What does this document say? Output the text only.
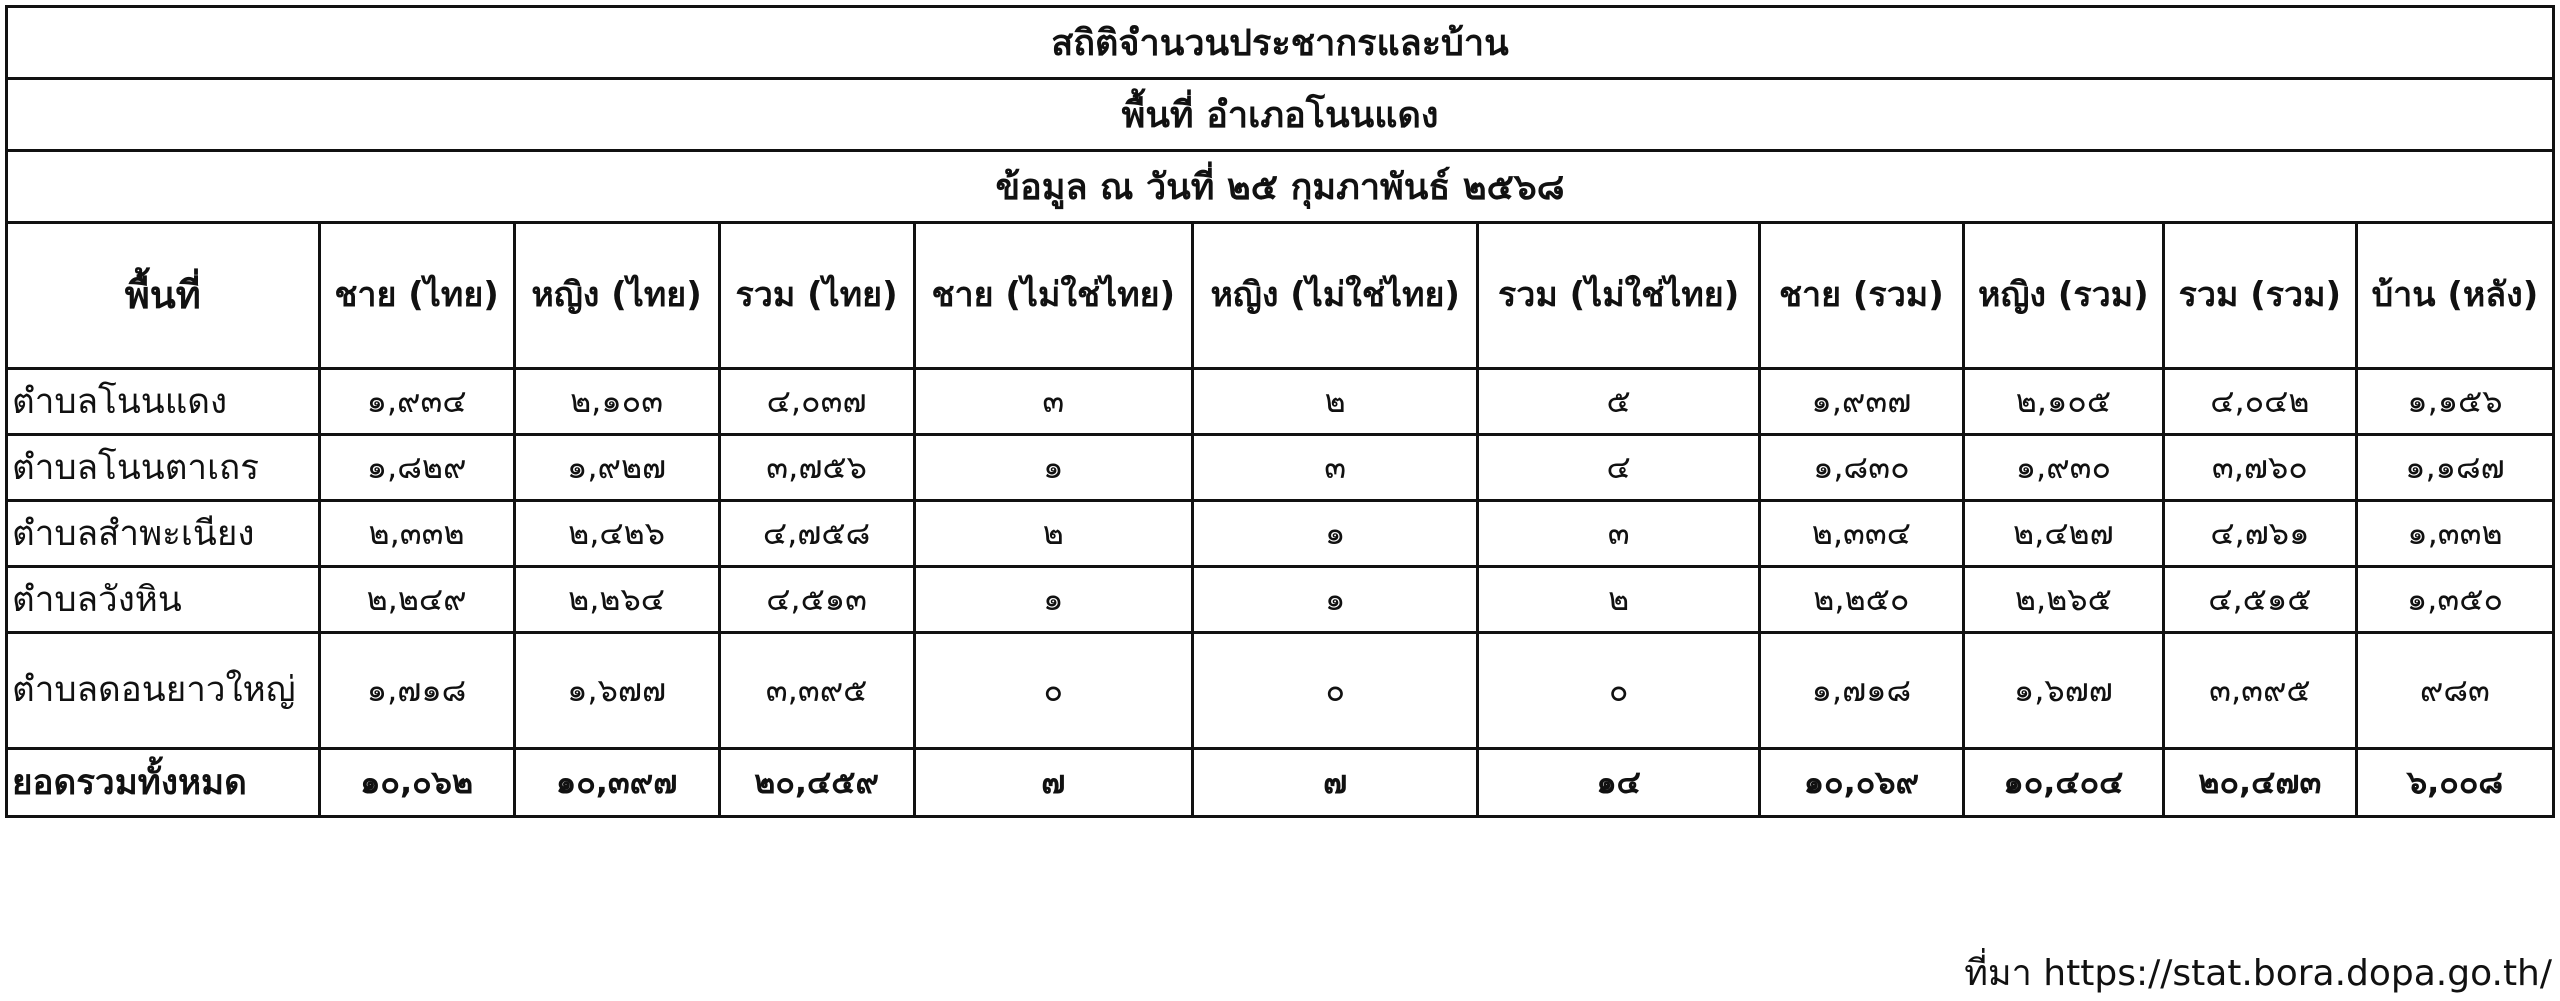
สถิติจำนวนประชากรและบ้าน										
พื้นที่ อำเภอโนนแดง										
ข้อมูล ณ วันที่ ๒๕ กุมภาพันธ์ ๒๕๖๘										
พื้นที่	ชาย (ไทย)	หญิง (ไทย)	รวม (ไทย)	ชาย (ไม่ใช่ไทย)	หญิง (ไม่ใช่ไทย)	รวม (ไม่ใช่ไทย)	ชาย (รวม)	หญิง (รวม)	รวม (รวม)	บ้าน (หลัง)
ตำบลโนนแดง	๑,๙๓๔	๒,๑๐๓	๔,๐๓๗	๓	๒	๕	๑,๙๓๗	๒,๑๐๕	๔,๐๔๒	๑,๑๕๖
ตำบลโนนตาเถร	๑,๘๒๙	๑,๙๒๗	๓,๗๕๖	๑	๓	๔	๑,๘๓๐	๑,๙๓๐	๓,๗๖๐	๑,๑๘๗
ตำบลสำพะเนียง	๒,๓๓๒	๒,๔๒๖	๔,๗๕๘	๒	๑	๓	๒,๓๓๔	๒,๔๒๗	๔,๗๖๑	๑,๓๓๒
ตำบลวังหิน	๒,๒๔๙	๒,๒๖๔	๔,๕๑๓	๑	๑	๒	๒,๒๕๐	๒,๒๖๕	๔,๕๑๕	๑,๓๕๐
ตำบลดอนยาวใหญ่	๑,๗๑๘	๑,๖๗๗	๓,๓๙๕	๐	๐	๐	๑,๗๑๘	๑,๖๗๗	๓,๓๙๕	๙๘๓
ยอดรวมทั้งหมด	๑๐,๐๖๒	๑๐,๓๙๗	๒๐,๔๕๙	๗	๗	๑๔	๑๐,๐๖๙	๑๐,๔๐๔	๒๐,๔๗๓	๖,๐๐๘
ที่มา https://stat.bora.dopa.go.th/
